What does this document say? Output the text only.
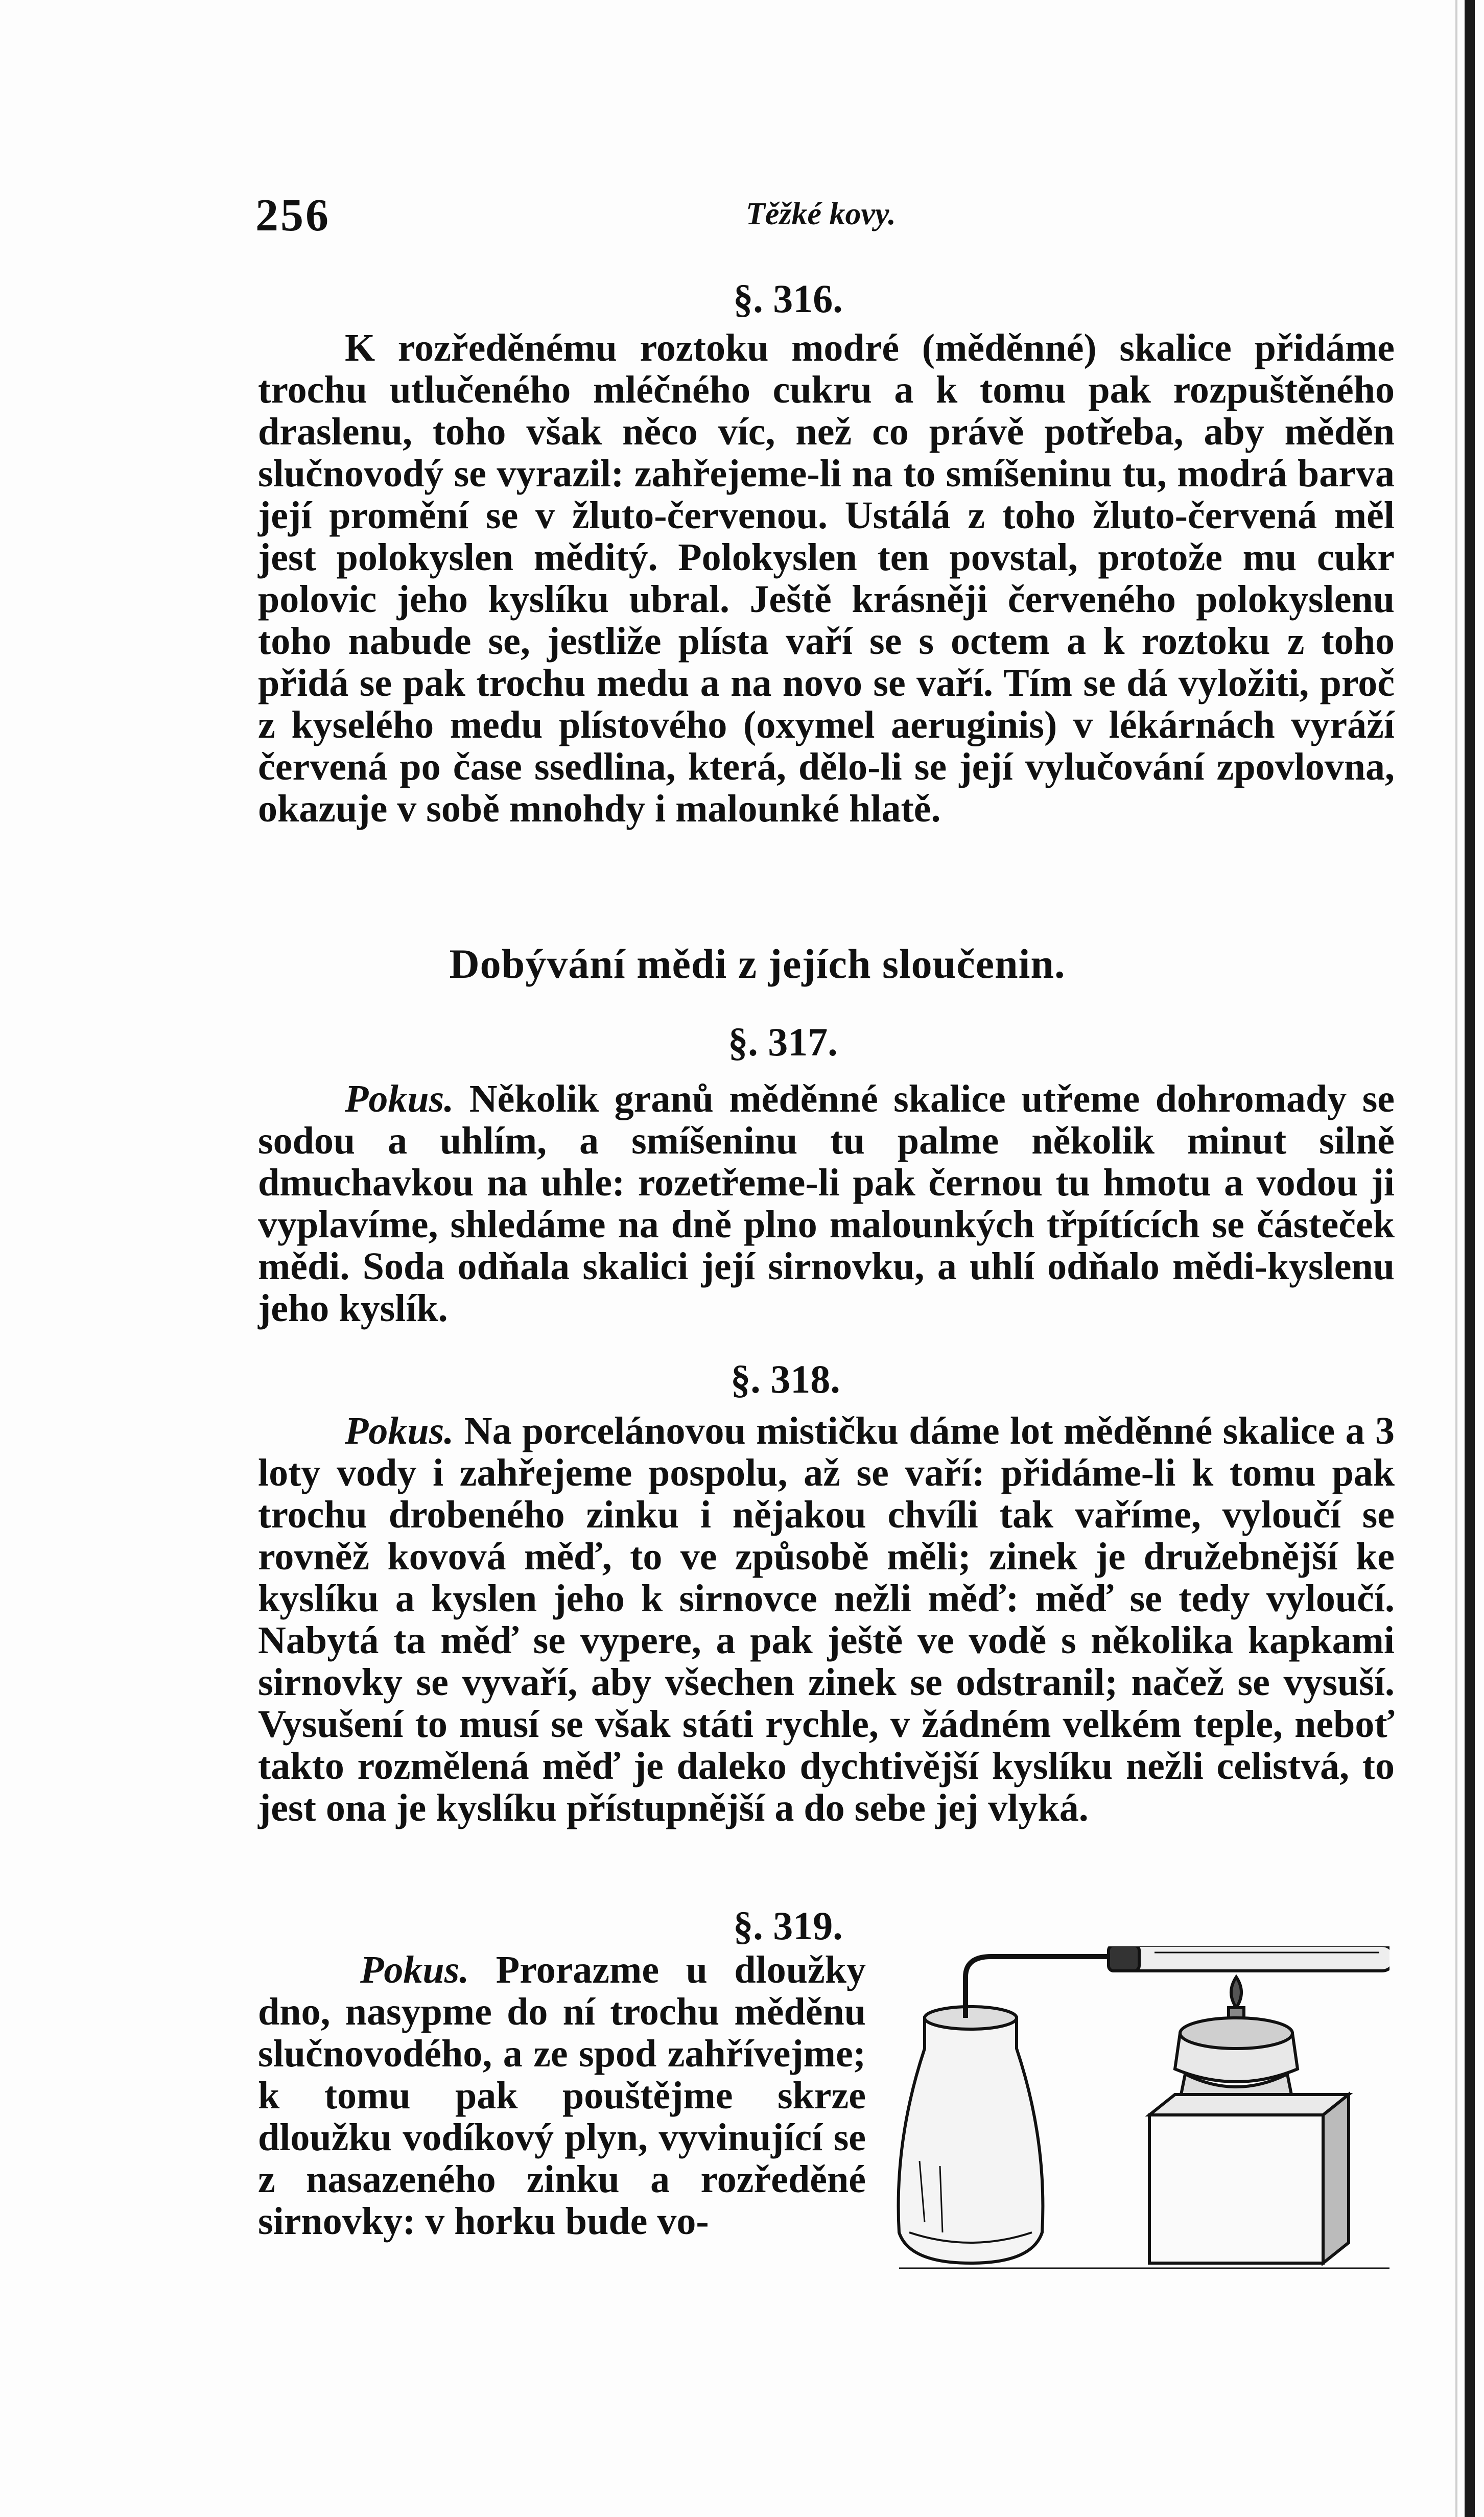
256	Těžké kovy.
§. 316.

K rozředěnému roztoku modré (měděnné) skalice přidáme trochu utlučeného mléčného cukru a k tomu pak rozpuštěného draslenu, toho však něco víc, než co právě potřeba, aby měděn slučnovodý se vyrazil: zahřejeme-li na to smíšeninu tu, modrá barva její promění se v žluto-červenou. Ustálá z toho žluto-červená měl jest polokyslen měditý. Polokyslen ten povstal, protože mu cukr polovic jeho kyslíku ubral. Ještě krásněji červeného polokyslenu toho nabude se, jestliže plísta vaří se s octem a k roztoku z toho přidá se pak trochu medu a na novo se vaří. Tím se dá vyložiti, proč z kyselého medu plístového (oxymel aeruginis) v lékárnách vyráží červená po čase ssedlina, která, dělo-li se její vylučování zpovlovna, okazuje v sobě mnohdy i malounké hlatě.

Dobývání mědi z jejích sloučenin.
§. 317.

Pokus. Několik granů měděnné skalice utřeme dohromady se sodou a uhlím, a smíšeninu tu palme několik minut silně dmuchavkou na uhle: rozetřeme-li pak černou tu hmotu a vodou ji vyplavíme, shledáme na dně plno malounkých třpítících se částeček mědi. Soda odňala skalici její sirnovku, a uhlí odňalo mědi-kyslenu jeho kyslík.

§. 318.

Pokus. Na porcelánovou mističku dáme lot měděnné skalice a 3 loty vody i zahřejeme pospolu, až se vaří: přidáme-li k tomu pak trochu drobeného zinku i nějakou chvíli tak vaříme, vyloučí se rovněž kovová měď, to ve způsobě měli; zinek je družebnější ke kyslíku a kyslen jeho k sirnovce nežli měď: měď se tedy vyloučí. Nabytá ta měď se vypere, a pak ještě ve vodě s několika kapkami sirnovky se vyvaří, aby všechen zinek se odstranil; načež se vysuší. Vysušení to musí se však státi rychle, v žádném velkém teple, neboť takto rozmělená měď je daleko dychtivější kyslíku nežli celistvá, to jest ona je kyslíku přístupnější a do sebe jej vlyká.

§. 319.

Pokus. Prorazme u dloužky dno, nasypme do ní trochu měděnu slučnovodého, a ze spod zahřívejme; k tomu pak pouštějme skrze dloužku vodíkový plyn, vyvinující se z nasazeného zinku a rozředěné sirnovky: v horku bude vo-
